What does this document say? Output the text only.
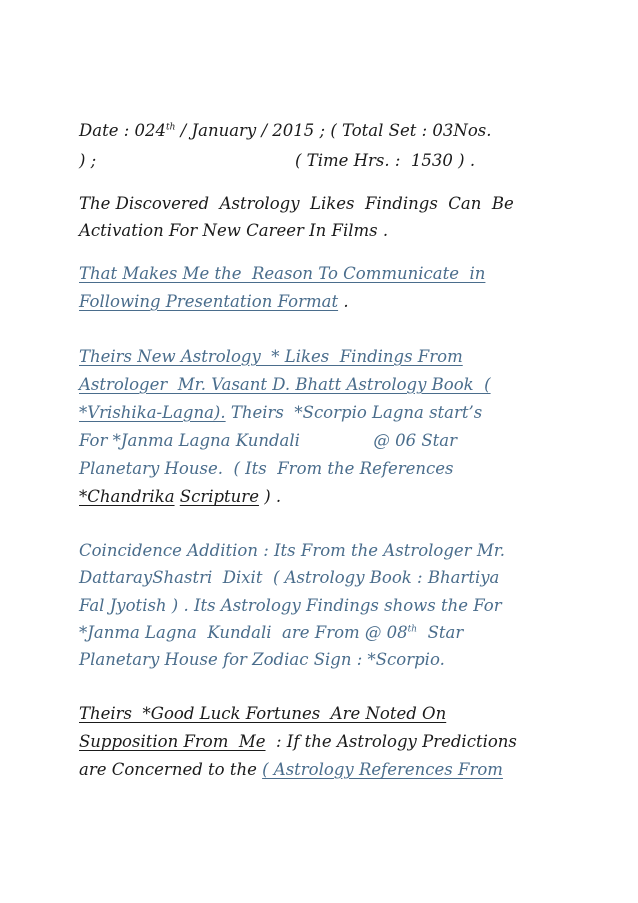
Date : 024th / January / 2015 ; ( Total Set : 03Nos.
) ;	( Time Hrs. :  1530 ) .
The Discovered  Astrology  Likes  Findings  Can  Be
Activation For New Career In Films .
That Makes Me the  Reason To Communicate  in
Following Presentation Format .
Theirs New Astrology  * Likes  Findings From
Astrologer  Mr. Vasant D. Bhatt Astrology Book  (
*Vrishika-Lagna). Theirs  *Scorpio Lagna start’s
For *Janma Lagna Kundali              @ 06 Star
Planetary House.  ( Its  From the References
*Chandrika Scripture ) .
Coincidence Addition : Its From the Astrologer Mr.
DattarayShastri  Dixit  ( Astrology Book : Bhartiya
Fal Jyotish ) . Its Astrology Findings shows the For
*Janma Lagna  Kundali  are From @ 08th  Star
Planetary House for Zodiac Sign : *Scorpio.
Theirs  *Good Luck Fortunes  Are Noted On
Supposition From  Me  : If the Astrology Predictions
are Concerned to the ( Astrology References From
